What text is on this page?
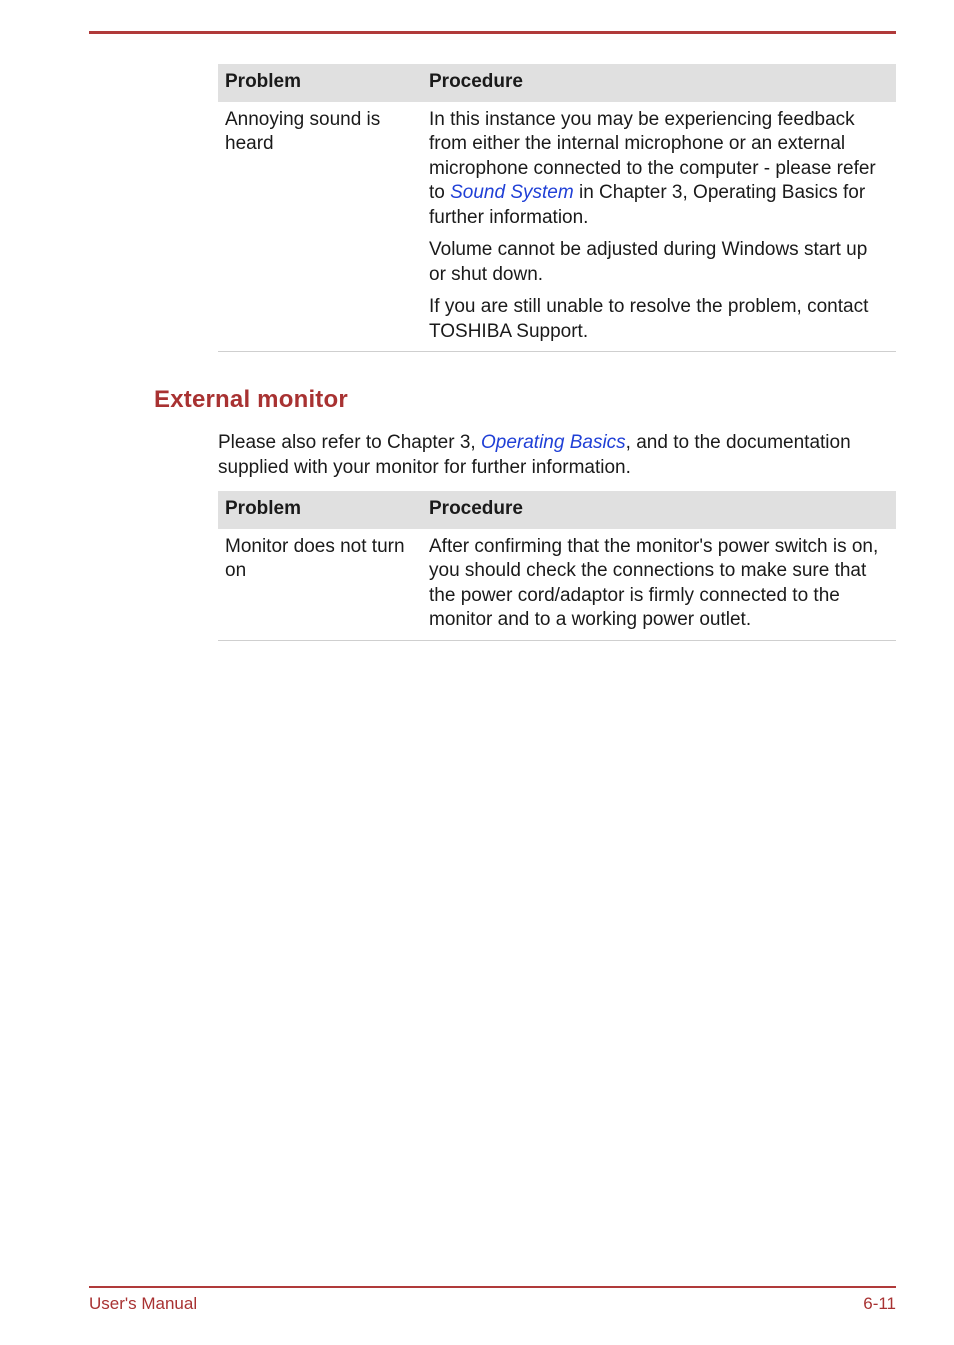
Problem	Procedure
Annoying sound is heard	In this instance you may be experiencing feedback from either the internal microphone or an external microphone connected to the computer - please refer to Sound System in Chapter 3, Operating Basics for further information.

Volume cannot be adjusted during Windows start up or shut down.

If you are still unable to resolve the problem, contact TOSHIBA Support.

External monitor

Please also refer to Chapter 3, Operating Basics, and to the documentation supplied with your monitor for further information.

Problem	Procedure
Monitor does not turn on	After confirming that the monitor's power switch is on, you should check the connections to make sure that the power cord/adaptor is firmly connected to the monitor and to a working power outlet.
User's Manual	6-11
